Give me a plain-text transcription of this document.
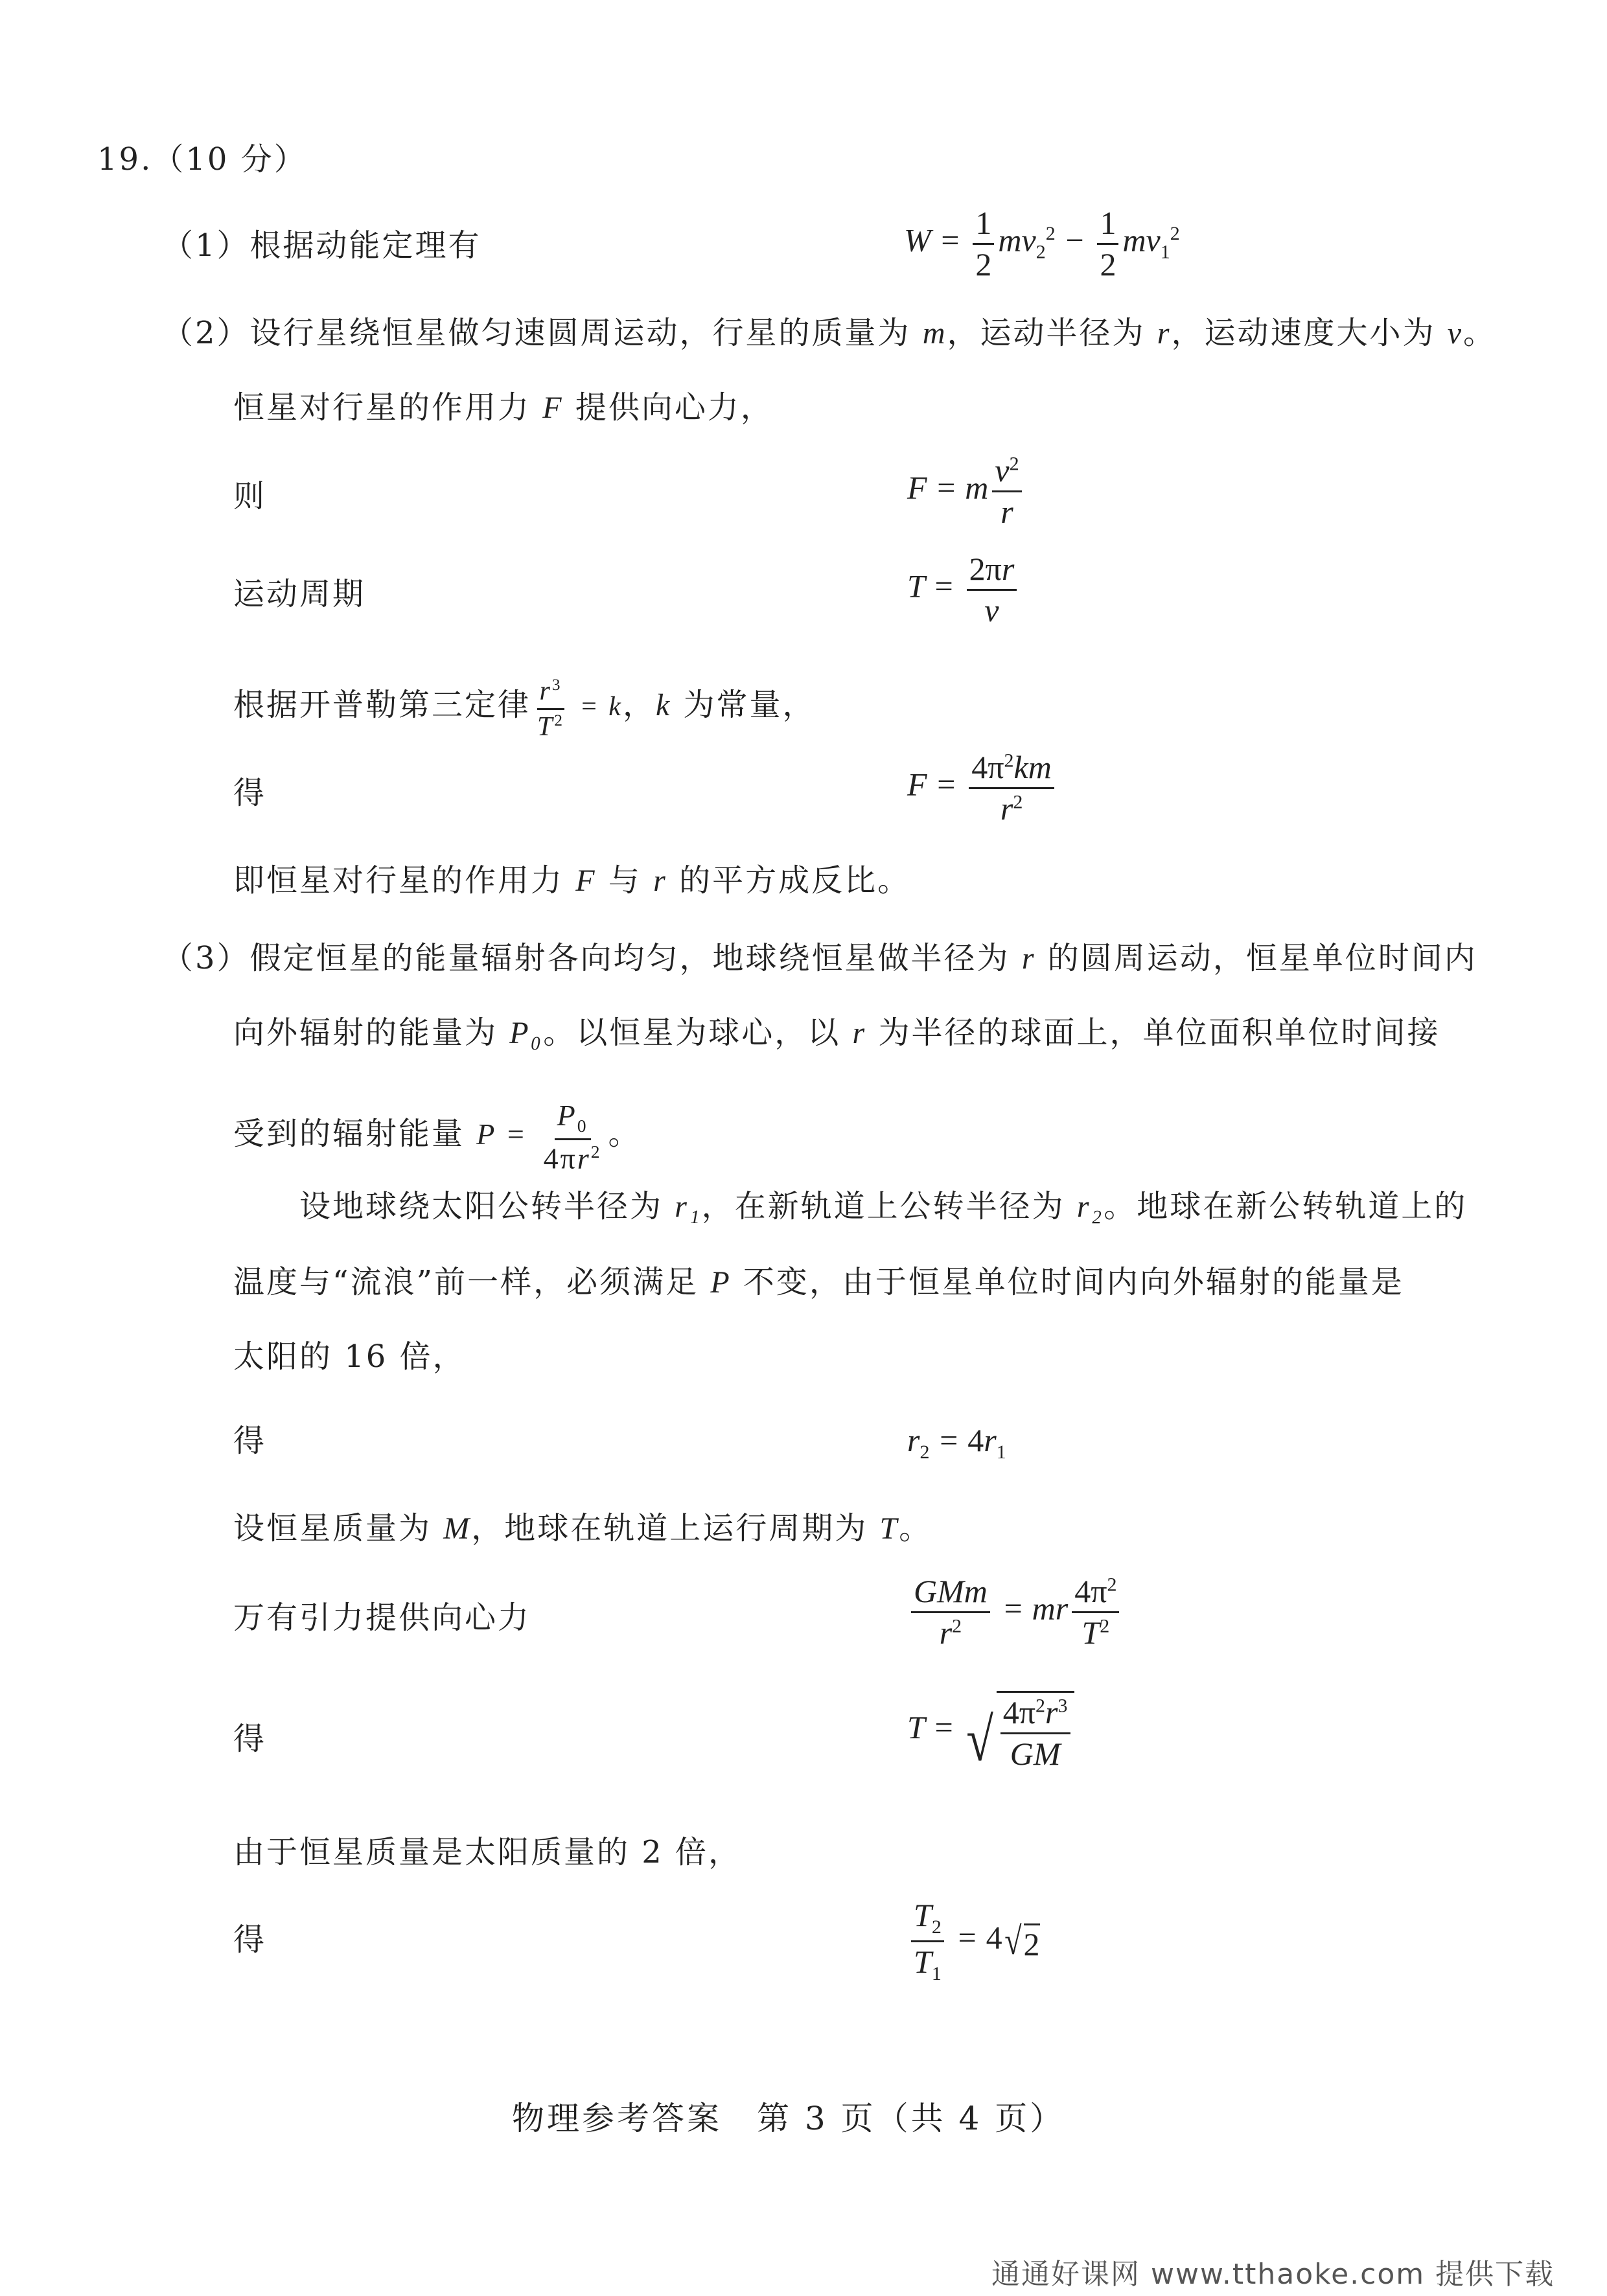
19.（10 分）
（1）根据动能定理有	$W = \frac{1}{2} mv_2^2 - \frac{1}{2} mv_1^2$
（2）设行星绕恒星做匀速圆周运动，行星的质量为 m，运动半径为 r，运动速度大小为 v。
恒星对行星的作用力 F 提供向心力，
则	F = m $\frac{v^2}{r}$
运动周期	$T = \frac{2\pi r}{v}$
根据开普勒第三定律 $\frac{r^3}{T^2} = k$，k 为常量，
得	$F = \frac{4\pi^2km}{r^2}$
即恒星对行星的作用力 F 与 r 的平方成反比。
（3）假定恒星的能量辐射各向均匀，地球绕恒星做半径为 r 的圆周运动，恒星单位时间内
向外辐射的能量为 P₀。以恒星为球心，以 r 为半径的球面上，单位面积单位时间接
受到的辐射能量 $P = \frac{P_0}{4\pi r^2}$ 。
设地球绕太阳公转半径为 r₁，在新轨道上公转半径为 r₂。地球在新公转轨道上的
温度与“流浪”前一样，必须满足 P 不变，由于恒星单位时间内向外辐射的能量是
太阳的 16 倍，
得	$r_2 = 4r_1$
设恒星质量为 M，地球在轨道上运行周期为 T。
万有引力提供向心力	$\frac{\text{GMm}}{r^2}$ = mr $\frac{4\pi^2}{T^2}$
得	T = √ $\frac{4\pi^2r^3}{GM}$
由于恒星质量是太阳质量的 2 倍，
得	$\frac{T_2}{T_1} = 4$ √ 2
物理参考答案　第 3 页（共 4 页）
通通好课网 www.tthaoke.com 提供下载
